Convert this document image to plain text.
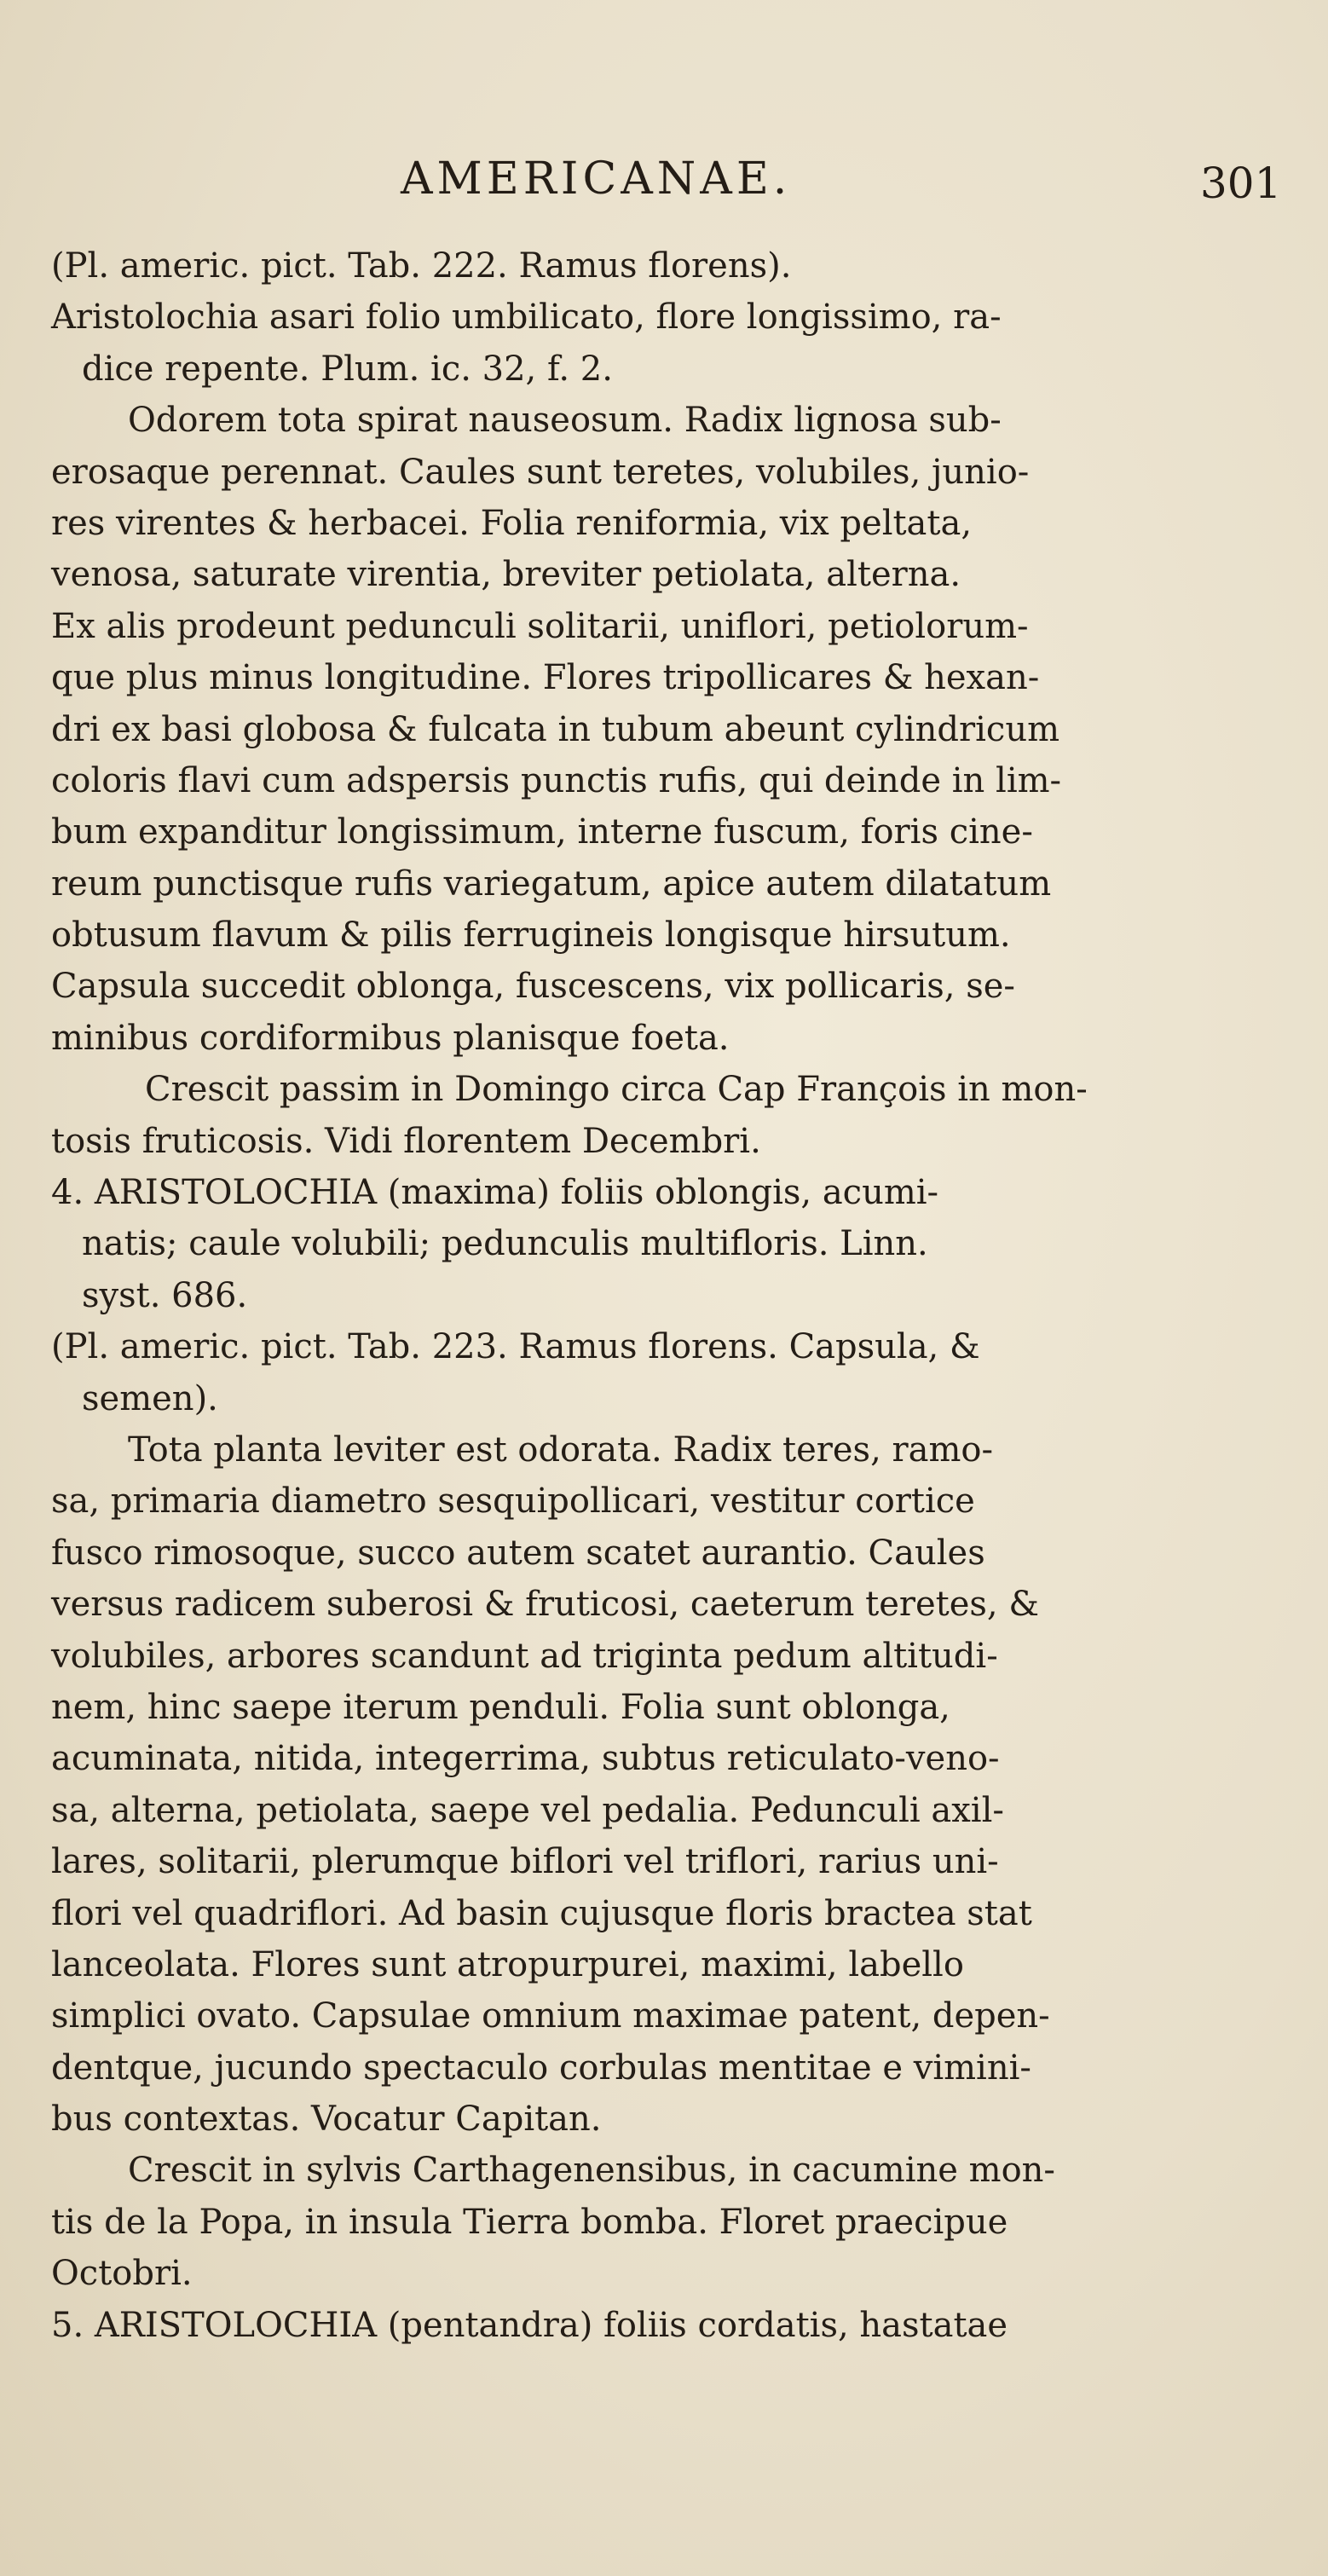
AMERICANAE.	301
(Pl. americ. pict. Tab. 222. Ramus florens).
Aristolochia asari folio umbilicato, flore longissimo, ra-
dice repente. Plum. ic. 32, f. 2.
Odorem tota spirat nauseosum. Radix lignosa sub-
erosaque perennat. Caules sunt teretes, volubiles, junio-
res virentes & herbacei. Folia reniformia, vix peltata,
venosa, saturate virentia, breviter petiolata, alterna.
Ex alis prodeunt pedunculi solitarii, uniflori, petiolorum-
que plus minus longitudine. Flores tripollicares & hexan-
dri ex basi globosa & fulcata in tubum abeunt cylindricum
coloris flavi cum adspersis punctis rufis, qui deinde in lim-
bum expanditur longissimum, interne fuscum, foris cine-
reum punctisque rufis variegatum, apice autem dilatatum
obtusum flavum & pilis ferrugineis longisque hirsutum.
Capsula succedit oblonga, fuscescens, vix pollicaris, se-
minibus cordiformibus planisque foeta.
Crescit passim in Domingo circa Cap François in mon-
tosis fruticosis. Vidi florentem Decembri.
4. ARISTOLOCHIA (maxima) foliis oblongis, acumi-
natis; caule volubili; pedunculis multifloris. Linn.
syst. 686.
(Pl. americ. pict. Tab. 223. Ramus florens. Capsula, &
semen).
Tota planta leviter est odorata. Radix teres, ramo-
sa, primaria diametro sesquipollicari, vestitur cortice
fusco rimosoque, succo autem scatet aurantio. Caules
versus radicem suberosi & fruticosi, caeterum teretes, &
volubiles, arbores scandunt ad triginta pedum altitudi-
nem, hinc saepe iterum penduli. Folia sunt oblonga,
acuminata, nitida, integerrima, subtus reticulato-veno-
sa, alterna, petiolata, saepe vel pedalia. Pedunculi axil-
lares, solitarii, plerumque biflori vel triflori, rarius uni-
flori vel quadriflori. Ad basin cujusque floris bractea stat
lanceolata. Flores sunt atropurpurei, maximi, labello
simplici ovato. Capsulae omnium maximae patent, depen-
dentque, jucundo spectaculo corbulas mentitae e vimini-
bus contextas. Vocatur Capitan.
Crescit in sylvis Carthagenensibus, in cacumine mon-
tis de la Popa, in insula Tierra bomba. Floret praecipue
Octobri.
5. ARISTOLOCHIA (pentandra) foliis cordatis, hastatae
